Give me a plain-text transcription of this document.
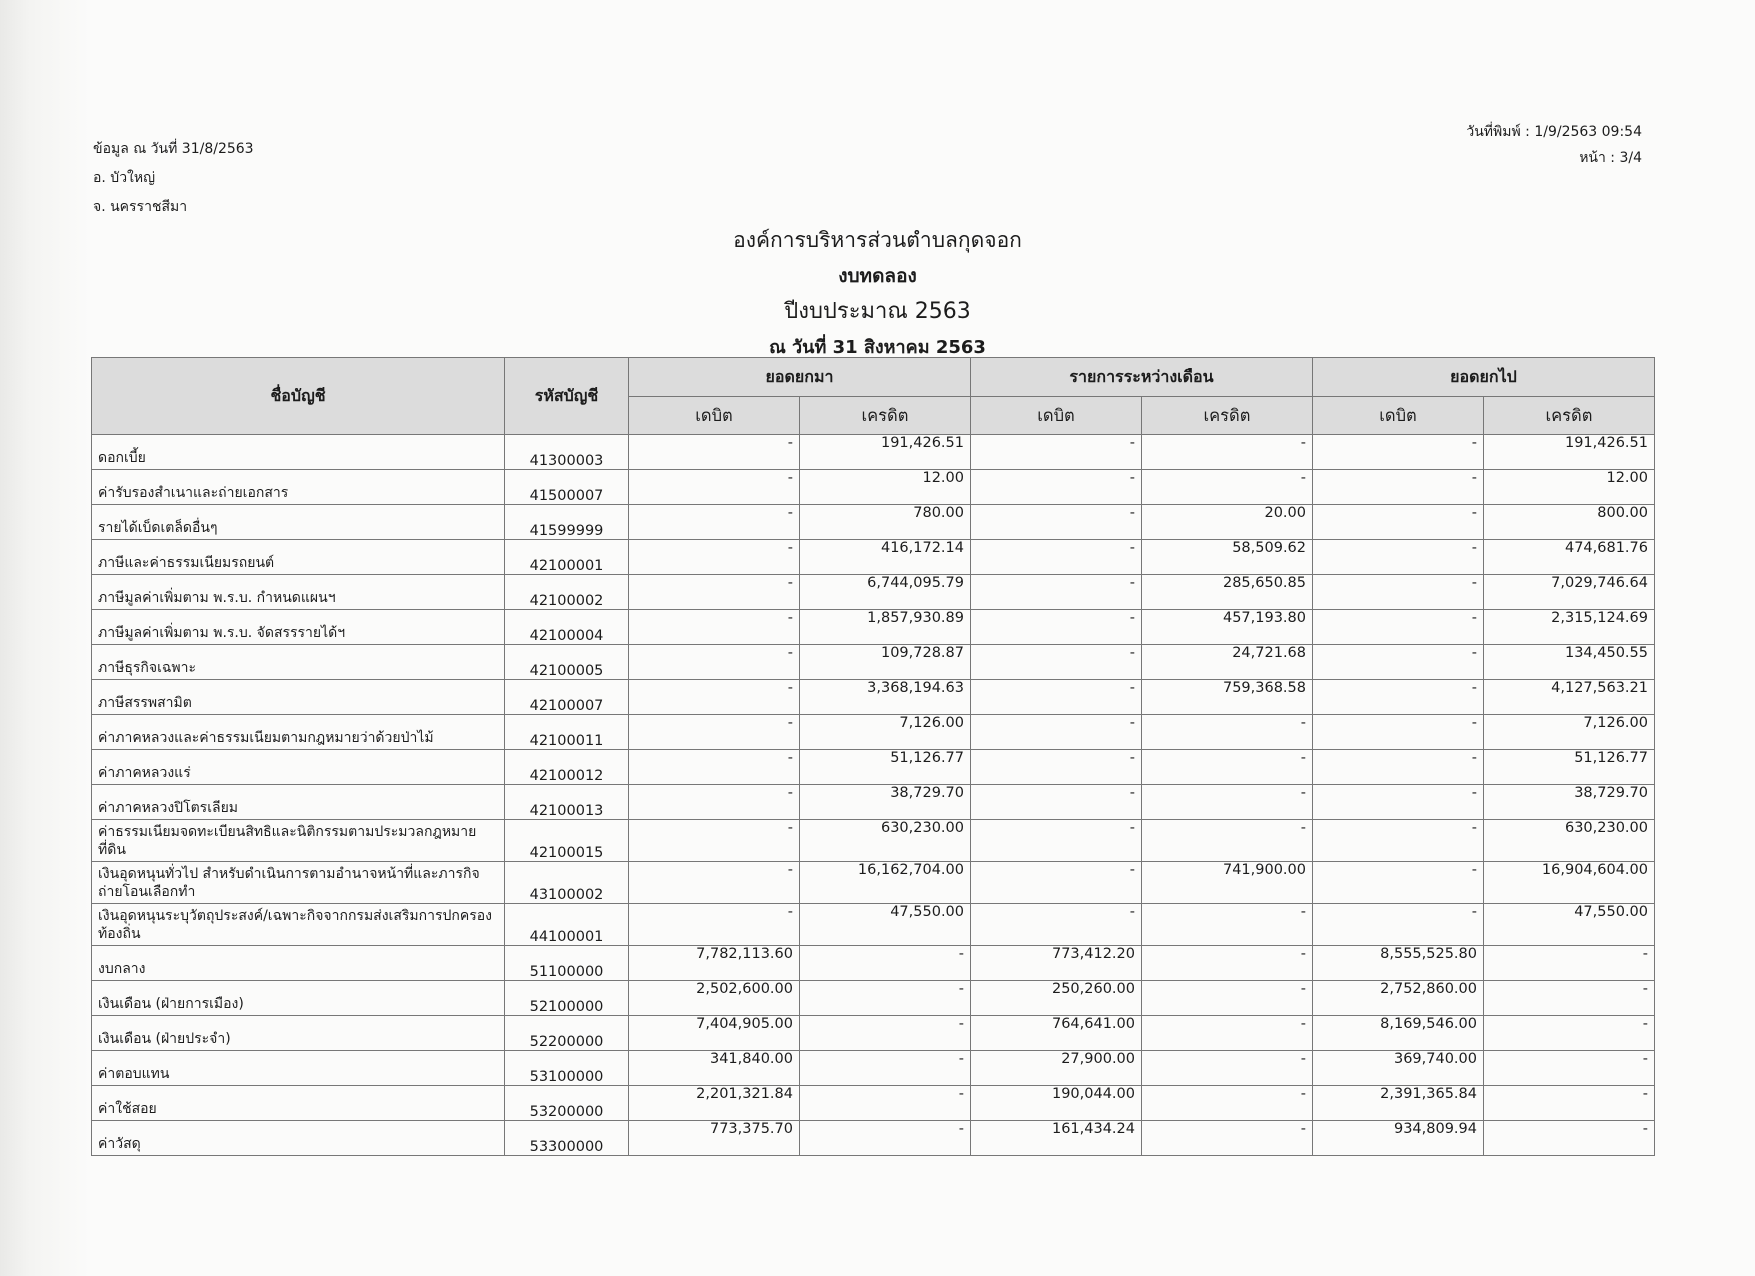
ข้อมูล ณ วันที่ 31/8/2563
อ. บัวใหญ่
จ. นครราชสีมา
วันที่พิมพ์ : 1/9/2563 09:54
หน้า : 3/4
องค์การบริหารส่วนตำบลกุดจอก
งบทดลอง
ปีงบประมาณ 2563
ณ วันที่ 31 สิงหาคม 2563
ชื่อบัญชี	รหัสบัญชี	ยอดยกมา		รายการระหว่างเดือน		ยอดยกไป	
		เดบิต	เครดิต	เดบิต	เครดิต	เดบิต	เครดิต
ดอกเบี้ย	41300003	-	191,426.51	-	-	-	191,426.51
ค่ารับรองสำเนาและถ่ายเอกสาร	41500007	-	12.00	-	-	-	12.00
รายได้เบ็ดเตล็ดอื่นๆ	41599999	-	780.00	-	20.00	-	800.00
ภาษีและค่าธรรมเนียมรถยนต์	42100001	-	416,172.14	-	58,509.62	-	474,681.76
ภาษีมูลค่าเพิ่มตาม พ.ร.บ. กำหนดแผนฯ	42100002	-	6,744,095.79	-	285,650.85	-	7,029,746.64
ภาษีมูลค่าเพิ่มตาม พ.ร.บ. จัดสรรรายได้ฯ	42100004	-	1,857,930.89	-	457,193.80	-	2,315,124.69
ภาษีธุรกิจเฉพาะ	42100005	-	109,728.87	-	24,721.68	-	134,450.55
ภาษีสรรพสามิต	42100007	-	3,368,194.63	-	759,368.58	-	4,127,563.21
ค่าภาคหลวงและค่าธรรมเนียมตามกฎหมายว่าด้วยป่าไม้	42100011	-	7,126.00	-	-	-	7,126.00
ค่าภาคหลวงแร่	42100012	-	51,126.77	-	-	-	51,126.77
ค่าภาคหลวงปิโตรเลียม	42100013	-	38,729.70	-	-	-	38,729.70
ค่าธรรมเนียมจดทะเบียนสิทธิและนิติกรรมตามประมวลกฎหมายที่ดิน	42100015	-	630,230.00	-	-	-	630,230.00
เงินอุดหนุนทั่วไป สำหรับดำเนินการตามอำนาจหน้าที่และภารกิจถ่ายโอนเลือกทำ	43100002	-	16,162,704.00	-	741,900.00	-	16,904,604.00
เงินอุดหนุนระบุวัตถุประสงค์/เฉพาะกิจจากกรมส่งเสริมการปกครองท้องถิ่น	44100001	-	47,550.00	-	-	-	47,550.00
งบกลาง	51100000	7,782,113.60	-	773,412.20	-	8,555,525.80	-
เงินเดือน (ฝ่ายการเมือง)	52100000	2,502,600.00	-	250,260.00	-	2,752,860.00	-
เงินเดือน (ฝ่ายประจำ)	52200000	7,404,905.00	-	764,641.00	-	8,169,546.00	-
ค่าตอบแทน	53100000	341,840.00	-	27,900.00	-	369,740.00	-
ค่าใช้สอย	53200000	2,201,321.84	-	190,044.00	-	2,391,365.84	-
ค่าวัสดุ	53300000	773,375.70	-	161,434.24	-	934,809.94	-
